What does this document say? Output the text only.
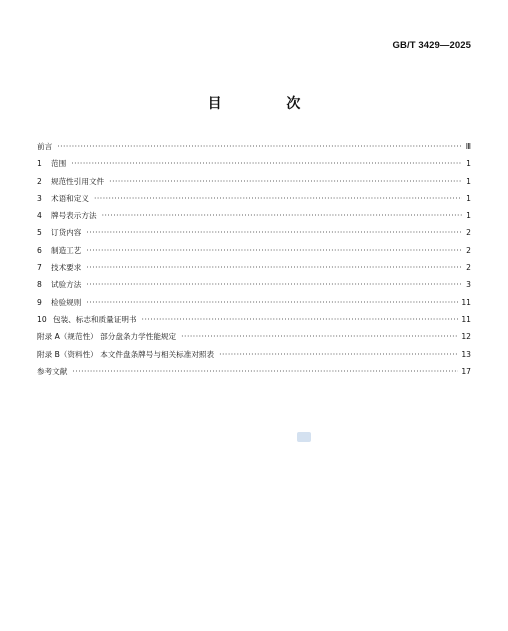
GB/T 3429—2025
目 次
前言 ·····	Ⅲ
1	范围 ·····	1
2	规范性引用文件 ·····	1
3	术语和定义 ·····	1
4	牌号表示方法 ·····	1
5	订货内容 ·····	2
6	制造工艺 ·····	2
7	技术要求 ·····	2
8	试验方法 ·····	3
9	检验规则 ·····	11
10 包装、标志和质量证明书 ·····	11
附录 A（规范性） 部分盘条力学性能规定 ·····	12
附录 B（资料性） 本文件盘条牌号与相关标准对照表 ·····	13
参考文献 ·····	17
